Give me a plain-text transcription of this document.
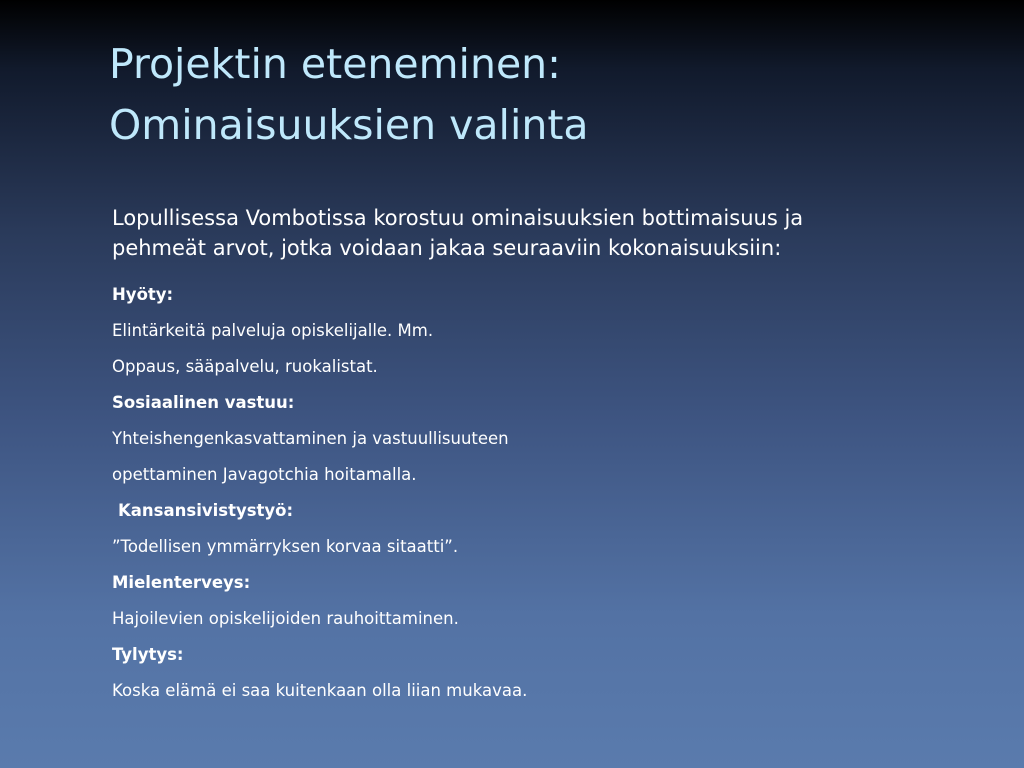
Projektin eteneminen:
Ominaisuuksien valinta

Lopullisessa Vombotissa korostuu ominaisuuksien bottimaisuus ja
pehmeät arvot, jotka voidaan jakaa seuraaviin kokonaisuuksiin:

Hyöty:

Elintärkeitä palveluja opiskelijalle. Mm.

Oppaus, sääpalvelu, ruokalistat.

Sosiaalinen vastuu:

Yhteishengenkasvattaminen ja vastuullisuuteen

opettaminen Javagotchia hoitamalla.

Kansansivistystyö:

”Todellisen ymmärryksen korvaa sitaatti”.

Mielenterveys:

Hajoilevien opiskelijoiden rauhoittaminen.

Tylytys:

Koska elämä ei saa kuitenkaan olla liian mukavaa.
